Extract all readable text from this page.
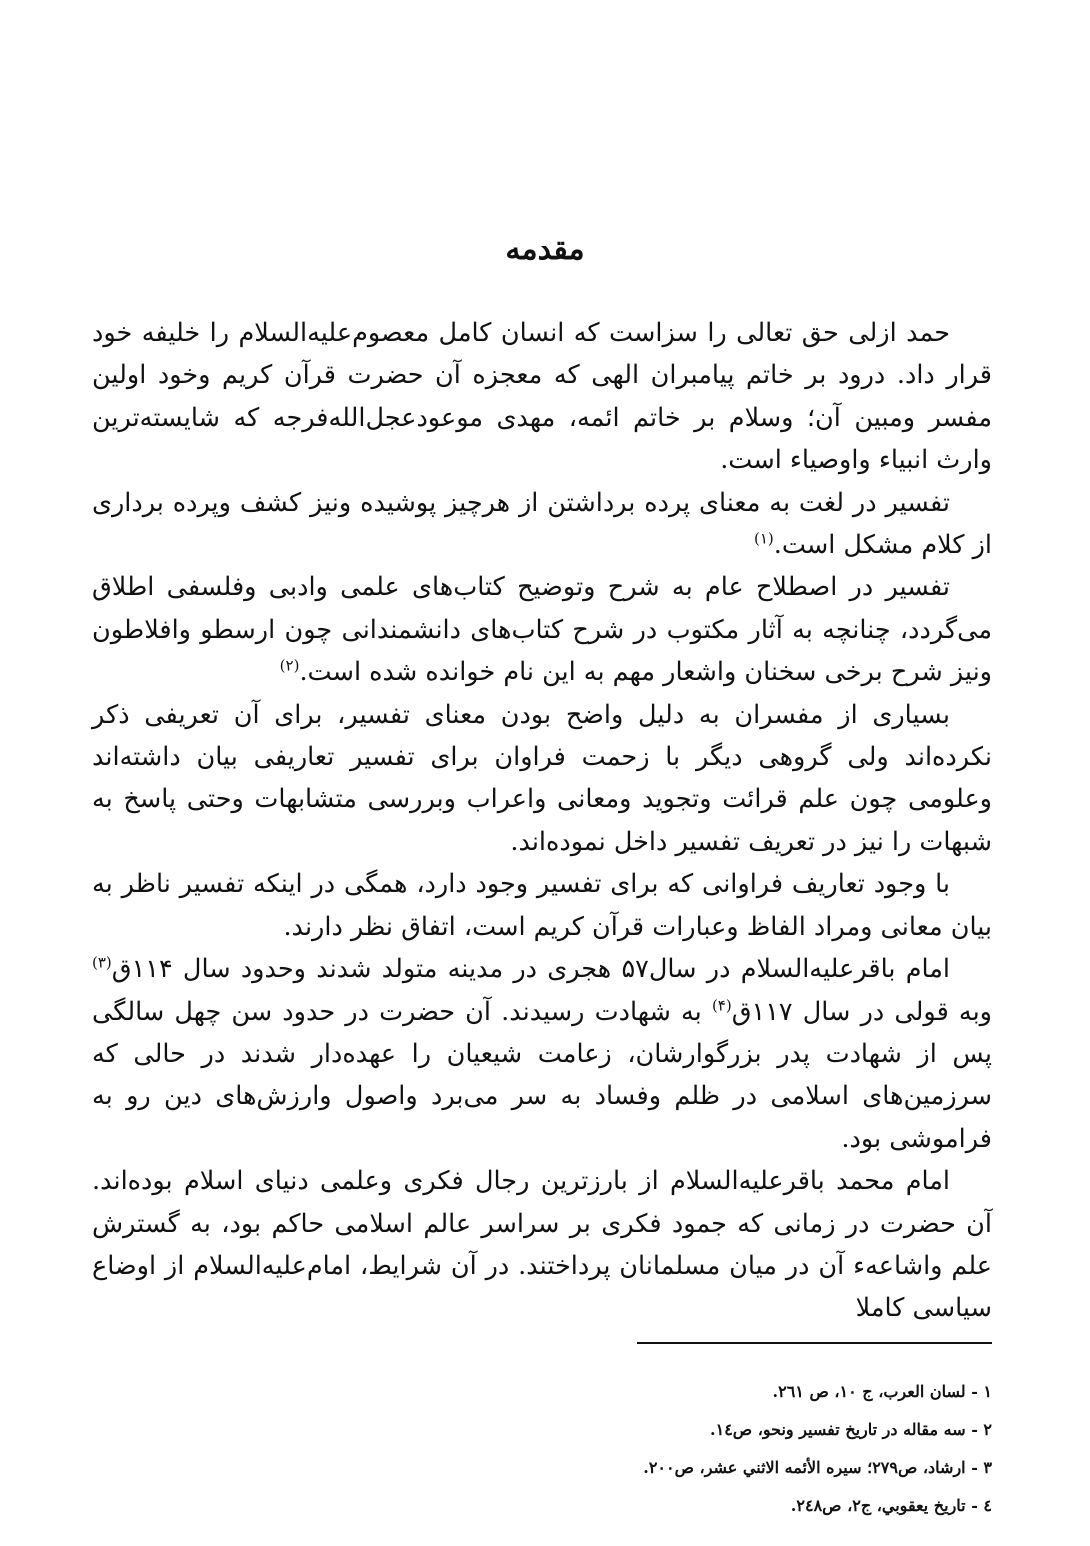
مقدمه

حمد ازلی حق تعالی را سزاست که انسان کامل معصوم‌علیه‌السلام را خلیفه خود قرار داد. درود بر خاتم پیامبران الهی که معجزه آن حضرت قرآن کریم وخود اولین مفسر ومبین آن؛ وسلام بر خاتم ائمه، مهدی موعودعجل‌الله‌فرجه که شایسته‌ترین وارث انبیاء واوصیاء است.

تفسیر در لغت به معنای پرده برداشتن از هرچیز پوشیده ونیز کشف وپرده برداری از کلام مشکل است.$^{(۱)}$

تفسیر در اصطلاح عام به شرح وتوضیح کتاب‌های علمی وادبی وفلسفی اطلاق می‌گردد، چنانچه به آثار مکتوب در شرح کتاب‌های دانشمندانی چون ارسطو وافلاطون ونیز شرح برخی سخنان واشعار مهم به این نام خوانده شده است.$^{(۲)}$

بسیاری از مفسران به دلیل واضح بودن معنای تفسیر، برای آن تعریفی ذکر نکرده‌اند ولی گروهی دیگر با زحمت فراوان برای تفسیر تعاریفی بیان داشته‌اند وعلومی چون علم قرائت وتجوید ومعانی واعراب وبررسی متشابهات وحتی پاسخ به شبهات را نیز در تعریف تفسیر داخل نموده‌اند.

با وجود تعاریف فراوانی که برای تفسیر وجود دارد، همگی در اینکه تفسیر ناظر به بیان معانی ومراد الفاظ وعبارات قرآن کریم است، اتفاق نظر دارند.

امام باقرعلیه‌السلام در سال۵۷ هجری در مدینه متولد شدند وحدود سال ۱۱۴ق$^{(۳)}$ وبه قولی در سال ۱۱۷ق$^{(۴)}$ به شهادت رسیدند. آن حضرت در حدود سن چهل سالگی پس از شهادت پدر بزرگوارشان، زعامت شیعیان را عهده‌دار شدند در حالی که سرزمین‌های اسلامی در ظلم وفساد به سر می‌برد واصول وارزش‌های دین رو به فراموشی بود.

امام محمد باقرعلیه‌السلام از بارزترین رجال فکری وعلمی دنیای اسلام بوده‌اند. آن حضرت در زمانی که جمود فکری بر سراسر عالم اسلامی حاکم بود، به گسترش علم واشاعهء آن در میان مسلمانان پرداختند. در آن شرایط، امام‌علیه‌السلام از اوضاع سیاسی کاملا

١ - لسان العرب، ج ١٠، ص ٢٦١.
٢ - سه مقاله در تاريخ تفسير ونحو، ص١٤.
٣ - ارشاد، ص٢٧٩؛ سيره الأئمه الاثني عشر، ص٢٠٠.
٤ - تاريخ يعقوبي، ج٢، ص٢٤٨.
